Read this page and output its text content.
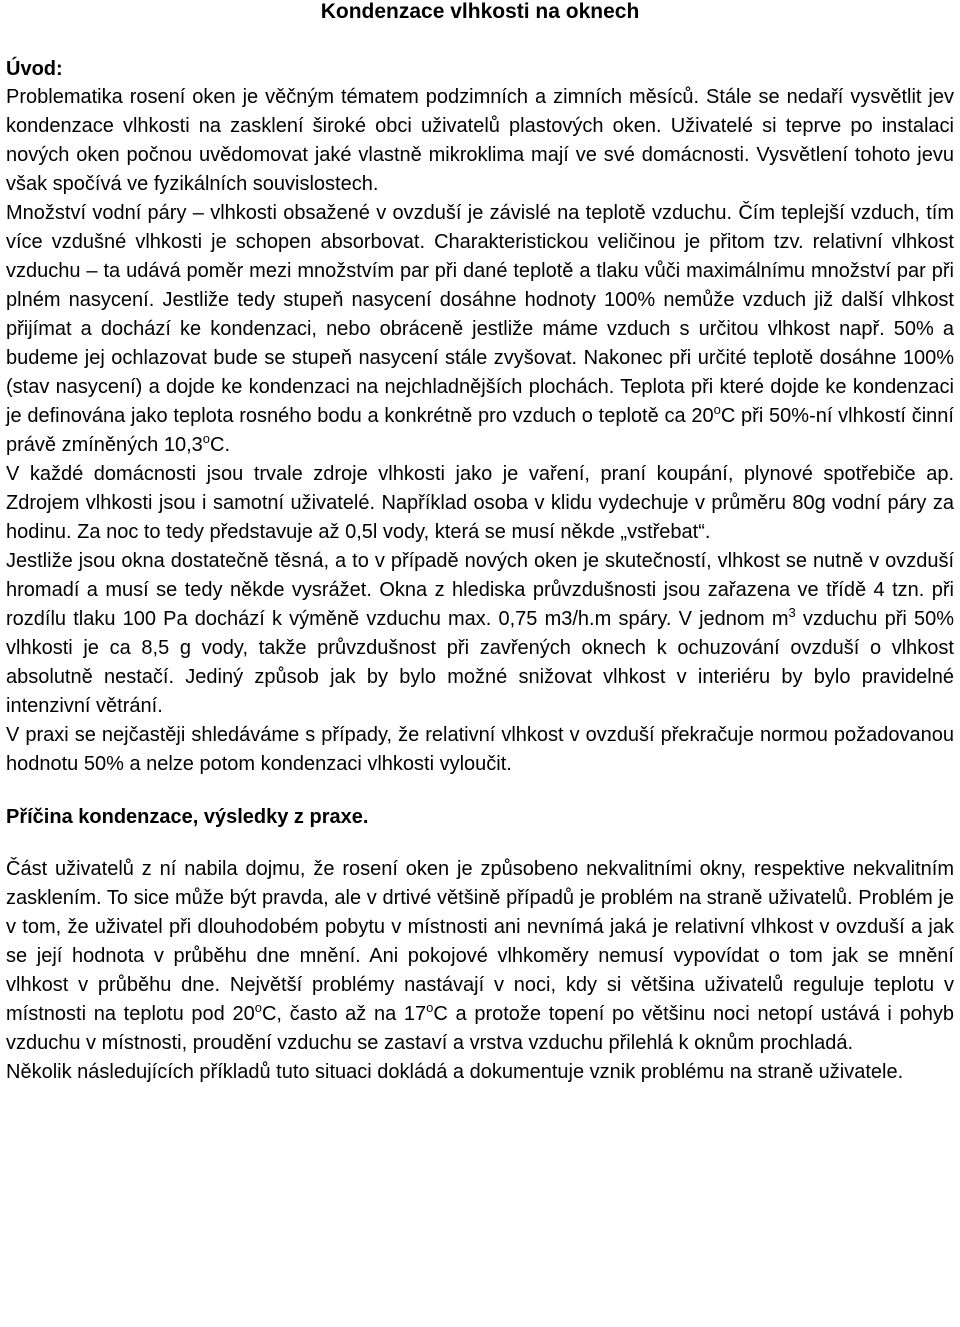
Kondenzace vlhkosti na oknech
Úvod:

Problematika rosení oken je věčným tématem podzimních a zimních měsíců. Stále se nedaří vysvětlit jev kondenzace vlhkosti na zasklení široké obci uživatelů plastových oken. Uživatelé si teprve po instalaci nových oken počnou uvědomovat jaké vlastně mikroklima mají ve své domácnosti. Vysvětlení tohoto jevu však spočívá ve fyzikálních souvislostech.

Množství vodní páry – vlhkosti obsažené v ovzduší je závislé na teplotě vzduchu. Čím teplejší vzduch, tím více vzdušné vlhkosti je schopen absorbovat. Charakteristickou veličinou je přitom tzv. relativní vlhkost vzduchu – ta udává poměr mezi množstvím par při dané teplotě a tlaku vůči maximálnímu množství par při plném nasycení. Jestliže tedy stupeň nasycení dosáhne hodnoty 100% nemůže vzduch již další vlhkost přijímat a dochází ke kondenzaci, nebo obráceně jestliže máme vzduch s určitou vlhkost např. 50% a budeme jej ochlazovat bude se stupeň nasycení stále zvyšovat. Nakonec při určité teplotě dosáhne 100% (stav nasycení) a dojde ke kondenzaci na nejchladnějších plochách. Teplota při které dojde ke kondenzaci je definována jako teplota rosného bodu a konkrétně pro vzduch o teplotě ca 20$^o$C při 50%-ní vlhkostí činní právě zmíněných 10,3$^o$C.

V každé domácnosti jsou trvale zdroje vlhkosti jako je vaření, praní koupání, plynové spotřebiče ap. Zdrojem vlhkosti jsou i samotní uživatelé. Například osoba v klidu vydechuje v průměru 80g vodní páry za hodinu. Za noc to tedy představuje až 0,5l vody, která se musí někde „vstřebat“.

Jestliže jsou okna dostatečně těsná, a to v případě nových oken je skutečností, vlhkost se nutně v ovzduší hromadí a musí se tedy někde vysrážet. Okna z hlediska průvzdušnosti jsou zařazena ve třídě 4 tzn. při rozdílu tlaku 100 Pa dochází k výměně vzduchu max. 0,75 m3/h.m spáry. V jednom $m^3$ vzduchu při 50% vlhkosti je ca 8,5 g vody, takže průvzdušnost při zavřených oknech k ochuzování ovzduší o vlhkost absolutně nestačí. Jediný způsob jak by bylo možné snižovat vlhkost v interiéru by bylo pravidelné intenzivní větrání.

V praxi se nejčastěji shledáváme s případy, že relativní vlhkost v ovzduší překračuje normou požadovanou hodnotu 50% a nelze potom kondenzaci vlhkosti vyloučit.

Příčina kondenzace, výsledky z praxe.

Část uživatelů z ní nabila dojmu, že rosení oken je způsobeno nekvalitními okny, respektive nekvalitním zasklením. To sice může být pravda, ale v drtivé většině případů je problém na straně uživatelů. Problém je v tom, že uživatel při dlouhodobém pobytu v místnosti ani nevnímá jaká je relativní vlhkost v ovzduší a jak se její hodnota v průběhu dne mnění. Ani pokojové vlhkoměry nemusí vypovídat o tom jak se mnění vlhkost v průběhu dne. Největší problémy nastávají v noci, kdy si většina uživatelů reguluje teplotu v místnosti na teplotu pod 20$^o$C, často až na 17$^o$C a protože topení po většinu noci netopí ustává i pohyb vzduchu v místnosti, proudění vzduchu se zastaví a vrstva vzduchu přilehlá k oknům prochladá.

Několik následujících příkladů tuto situaci dokládá a dokumentuje vznik problému na straně uživatele.
